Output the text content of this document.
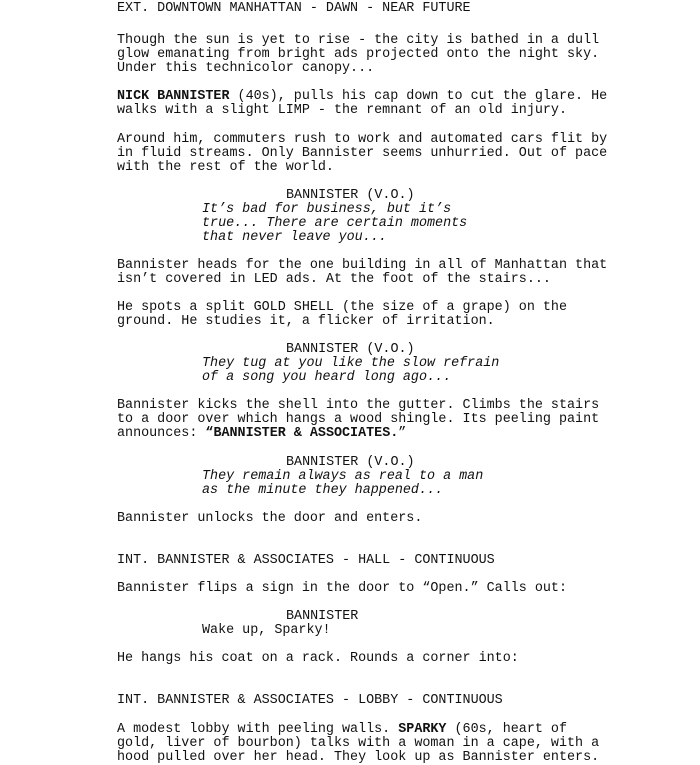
EXT. DOWNTOWN MANHATTAN - DAWN - NEAR FUTURE
Though the sun is yet to rise - the city is bathed in a dull
glow emanating from bright ads projected onto the night sky.
Under this technicolor canopy...
NICK BANNISTER (40s), pulls his cap down to cut the glare. He
walks with a slight LIMP - the remnant of an old injury.
Around him, commuters rush to work and automated cars flit by
in fluid streams. Only Bannister seems unhurried. Out of pace
with the rest of the world.
BANNISTER (V.O.)
It’s bad for business, but it’s
true... There are certain moments
that never leave you...
Bannister heads for the one building in all of Manhattan that
isn’t covered in LED ads. At the foot of the stairs...
He spots a split GOLD SHELL (the size of a grape) on the
ground. He studies it, a flicker of irritation.
BANNISTER (V.O.)
They tug at you like the slow refrain
of a song you heard long ago...
Bannister kicks the shell into the gutter. Climbs the stairs
to a door over which hangs a wood shingle. Its peeling paint
announces: “BANNISTER & ASSOCIATES.”
BANNISTER (V.O.)
They remain always as real to a man
as the minute they happened...
Bannister unlocks the door and enters.
INT. BANNISTER & ASSOCIATES - HALL - CONTINUOUS
Bannister flips a sign in the door to “Open.” Calls out:
BANNISTER
Wake up, Sparky!
He hangs his coat on a rack. Rounds a corner into:
INT. BANNISTER & ASSOCIATES - LOBBY - CONTINUOUS
A modest lobby with peeling walls. SPARKY (60s, heart of
gold, liver of bourbon) talks with a woman in a cape, with a
hood pulled over her head. They look up as Bannister enters.
